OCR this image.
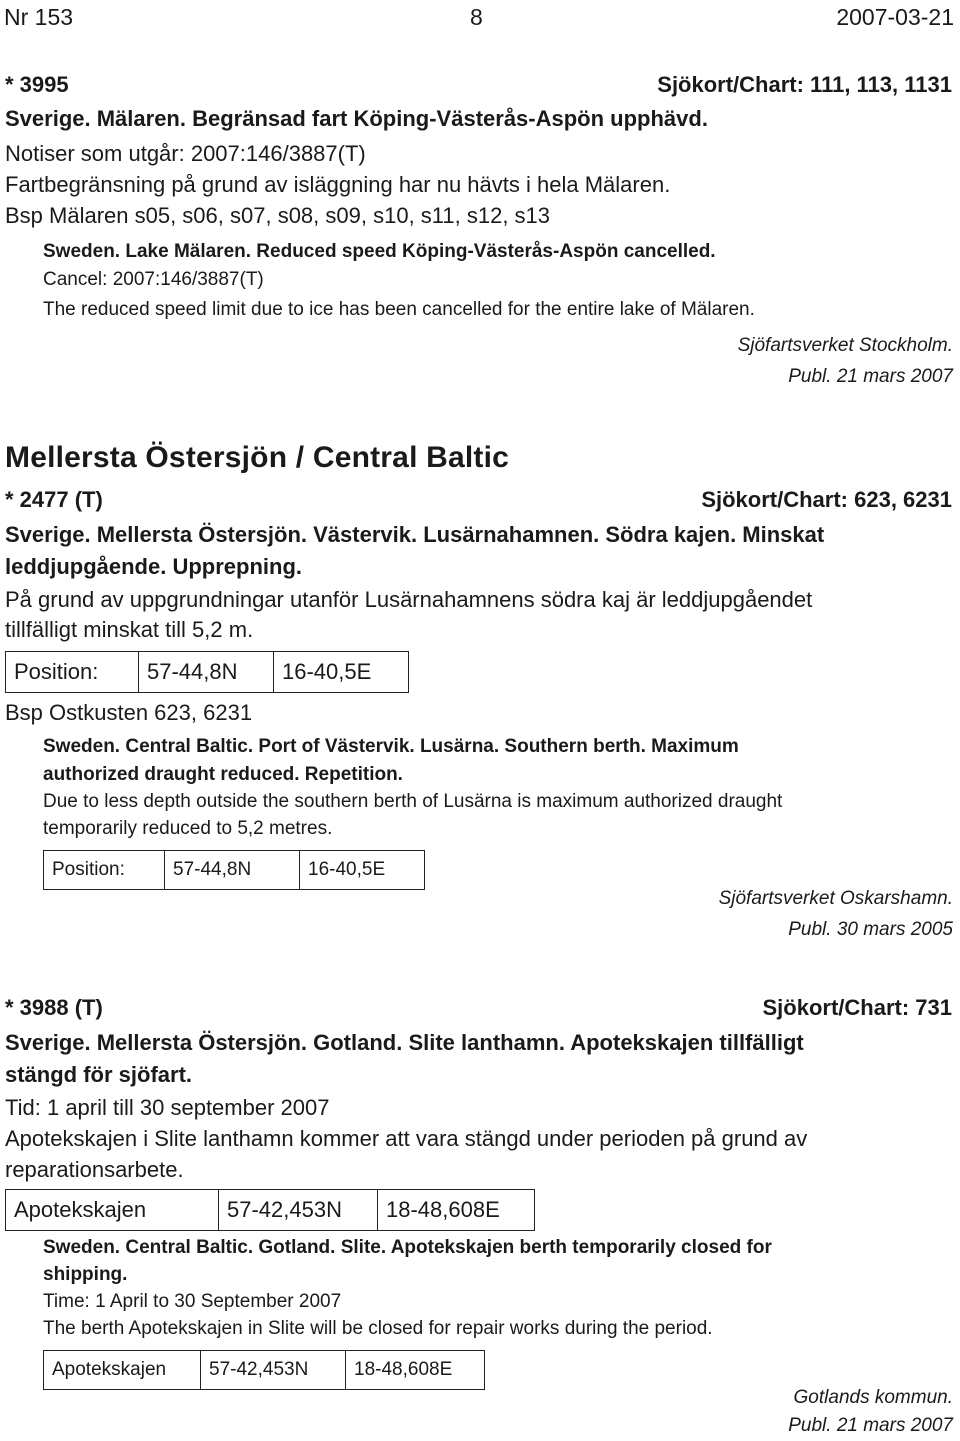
Nr 153	8	2007-03-21
* 3995	Sjökort/Chart: 111, 113, 1131
Sverige. Mälaren. Begränsad fart Köping-Västerås-Aspön upphävd.
Notiser som utgår: 2007:146/3887(T)
Fartbegränsning på grund av isläggning har nu hävts i hela Mälaren.
Bsp Mälaren s05, s06, s07, s08, s09, s10, s11, s12, s13
Sweden. Lake Mälaren. Reduced speed Köping-Västerås-Aspön cancelled.
Cancel: 2007:146/3887(T)
The reduced speed limit due to ice has been cancelled for the entire lake of Mälaren.
Sjöfartsverket Stockholm.
Publ. 21 mars 2007
Mellersta Östersjön / Central Baltic
* 2477 (T)	Sjökort/Chart: 623, 6231
Sverige. Mellersta Östersjön. Västervik. Lusärnahamnen. Södra kajen. Minskat
leddjupgående. Upprepning.
På grund av uppgrundningar utanför Lusärnahamnens södra kaj är leddjupgåendet
tillfälligt minskat till 5,2 m.
Position:	57-44,8N	16-40,5E
Bsp Ostkusten 623, 6231
Sweden. Central Baltic. Port of Västervik. Lusärna. Southern berth. Maximum
authorized draught reduced. Repetition.
Due to less depth outside the southern berth of Lusärna is maximum authorized draught
temporarily reduced to 5,2 metres.
Position:	57-44,8N	16-40,5E
Sjöfartsverket Oskarshamn.
Publ. 30 mars 2005
* 3988 (T)	Sjökort/Chart: 731
Sverige. Mellersta Östersjön. Gotland. Slite lanthamn. Apotekskajen tillfälligt
stängd för sjöfart.
Tid: 1 april till 30 september 2007
Apotekskajen i Slite lanthamn kommer att vara stängd under perioden på grund av
reparationsarbete.
Apotekskajen	57-42,453N	18-48,608E
Sweden. Central Baltic. Gotland. Slite. Apotekskajen berth temporarily closed for
shipping.
Time: 1 April to 30 September 2007
The berth Apotekskajen in Slite will be closed for repair works during the period.
Apotekskajen	57-42,453N	18-48,608E
Gotlands kommun.
Publ. 21 mars 2007
